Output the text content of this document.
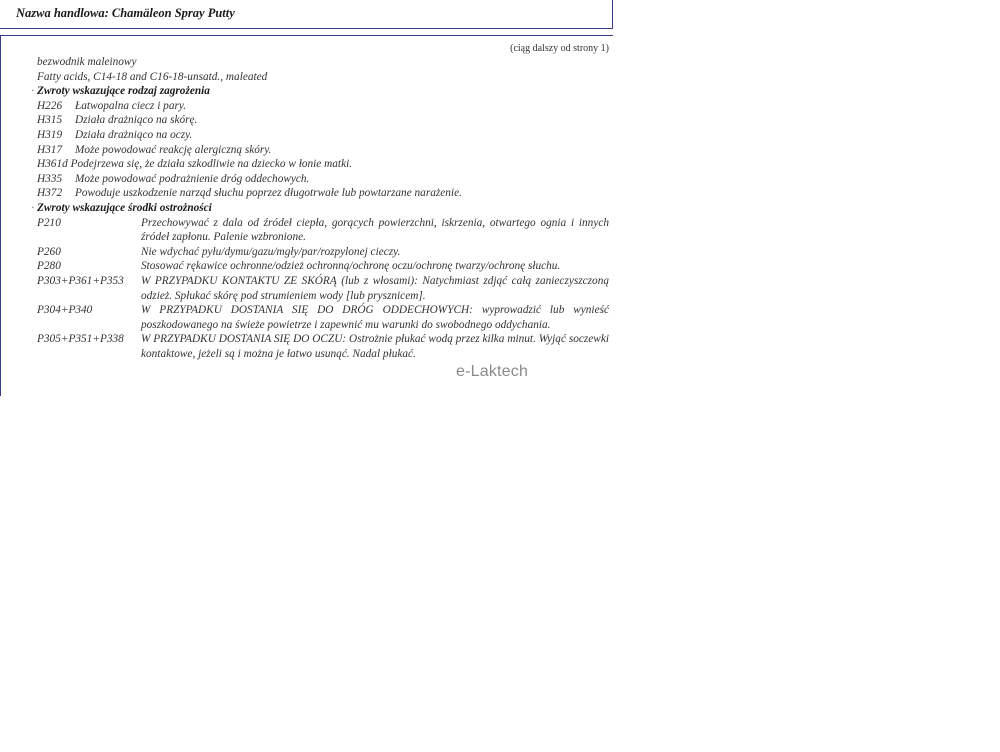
Nazwa handlowa: Chamäleon Spray Putty
(ciąg dalszy od strony 1)
bezwodnik maleinowy
Fatty acids, C14-18 and C16-18-unsatd., maleated
· Zwroty wskazujące rodzaj zagrożenia
H226	Łatwopalna ciecz i pary.
H315	Działa drażniąco na skórę.
H319	Działa drażniąco na oczy.
H317	Może powodować reakcję alergiczną skóry.
H361d Podejrzewa się, że działa szkodliwie na dziecko w łonie matki.
H335	Może powodować podrażnienie dróg oddechowych.
H372	Powoduje uszkodzenie narząd słuchu poprzez długotrwałe lub powtarzane narażenie.
· Zwroty wskazujące środki ostrożności
P210	Przechowywać z dala od źródeł ciepła, gorących powierzchni, iskrzenia, otwartego ognia i innych źródeł zapłonu. Palenie wzbronione.
P260	Nie wdychać pyłu/dymu/gazu/mgły/par/rozpylonej cieczy.
P280	Stosować rękawice ochronne/odzież ochronną/ochronę oczu/ochronę twarzy/ochronę słuchu.
P303+P361+P353	W PRZYPADKU KONTAKTU ZE SKÓRĄ (lub z włosami): Natychmiast zdjąć całą zanieczyszczoną odzież. Spłukać skórę pod strumieniem wody [lub prysznicem].
P304+P340	W PRZYPADKU DOSTANIA SIĘ DO DRÓG ODDECHOWYCH: wyprowadzić lub wynieść poszkodowanego na świeże powietrze i zapewnić mu warunki do swobodnego oddychania.
P305+P351+P338	W PRZYPADKU DOSTANIA SIĘ DO OCZU: Ostrożnie płukać wodą przez kilka minut. Wyjąć soczewki kontaktowe, jeżeli są i można je łatwo usunąć. Nadal płukać.
e-Laktech
